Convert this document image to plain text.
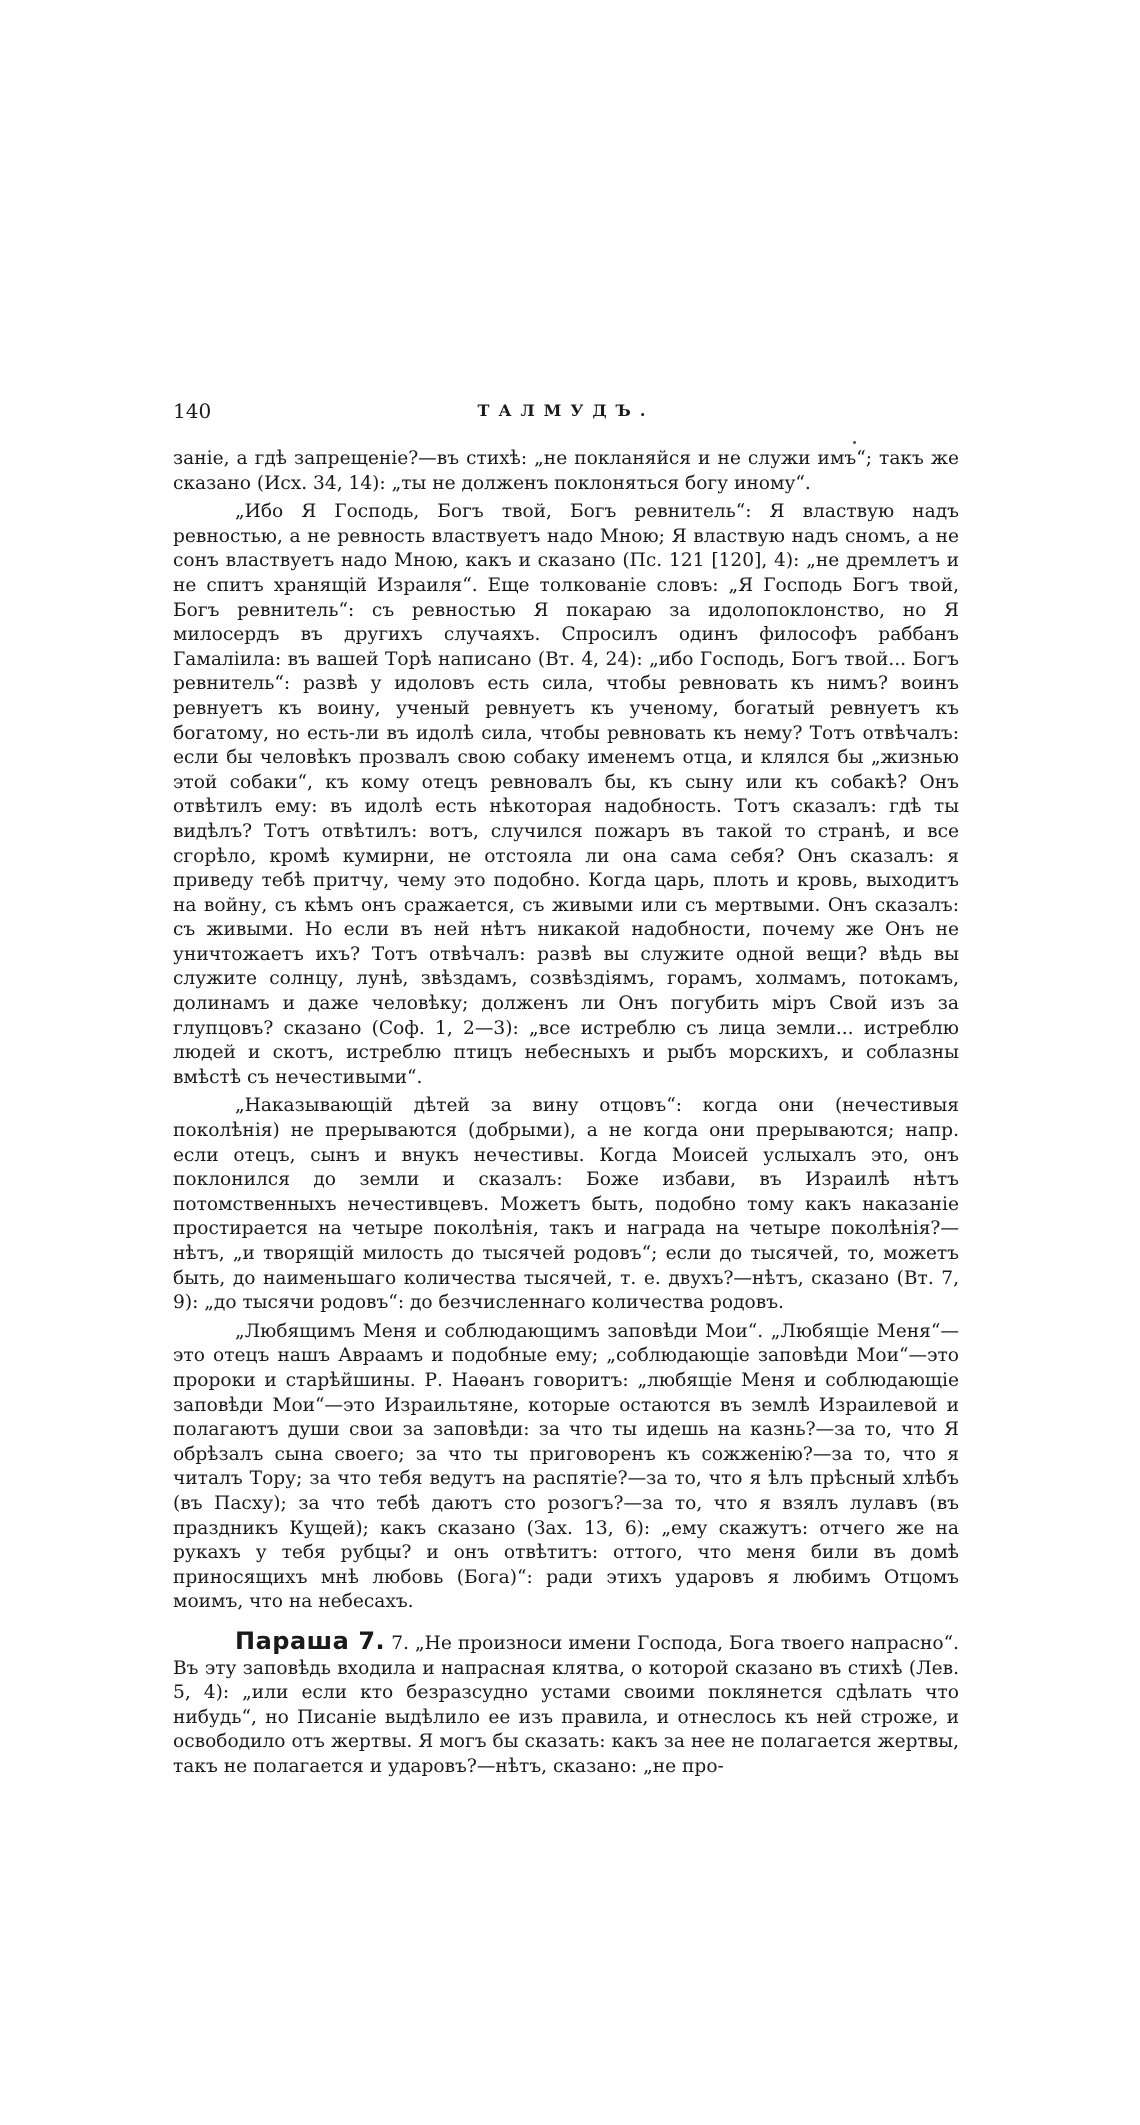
140	ТАЛМУДЪ.

заніе, а гдѣ запрещеніе?—въ стихѣ: „не покланяйся и не служи имъ“; такъ же сказано (Исх. 34, 14): „ты не долженъ поклоняться богу иному“.

„Ибо Я Господь, Богъ твой, Богъ ревнитель“: Я властвую надъ ревностью, а не ревность властвуетъ надо Мною; Я властвую надъ сномъ, а не сонъ властвуетъ надо Мною, какъ и сказано (Пс. 121 [120], 4): „не дремлетъ и не спитъ хранящій Израиля“. Еще толкованіе словъ: „Я Господь Богъ твой, Богъ ревнитель“: съ ревностью Я покараю за идолопоклонство, но Я милосердъ въ другихъ случаяхъ. Спросилъ одинъ философъ раббанъ Гамаліила: въ вашей Торѣ написано (Вт. 4, 24): „ибо Господь, Богъ твой... Богъ ревнитель“: развѣ у идоловъ есть сила, чтобы ревновать къ нимъ? воинъ ревнуетъ къ воину, ученый ревнуетъ къ ученому, богатый ревнуетъ къ богатому, но есть-ли въ идолѣ сила, чтобы ревновать къ нему? Тотъ отвѣчалъ: если бы человѣкъ прозвалъ свою собаку именемъ отца, и клялся бы „жизнью этой собаки“, къ кому отецъ ревновалъ бы, къ сыну или къ собакѣ? Онъ отвѣтилъ ему: въ идолѣ есть нѣкоторая надобность. Тотъ сказалъ: гдѣ ты видѣлъ? Тотъ отвѣтилъ: вотъ, случился пожаръ въ такой то странѣ, и все сгорѣло, кромѣ кумирни, не отстояла ли она сама себя? Онъ сказалъ: я приведу тебѣ притчу, чему это подобно. Когда царь, плоть и кровь, выходитъ на войну, съ кѣмъ онъ сражается, съ живыми или съ мертвыми. Онъ сказалъ: съ живыми. Но если въ ней нѣтъ никакой надобности, почему же Онъ не уничтожаетъ ихъ? Тотъ отвѣчалъ: развѣ вы служите одной вещи? вѣдь вы служите солнцу, лунѣ, звѣздамъ, созвѣздіямъ, горамъ, холмамъ, потокамъ, долинамъ и даже человѣку; долженъ ли Онъ погубить міръ Свой изъ за глупцовъ? сказано (Соф. 1, 2—3): „все истреблю съ лица земли... истреблю людей и скотъ, истреблю птицъ небесныхъ и рыбъ морскихъ, и соблазны вмѣстѣ съ нечестивыми“.

„Наказывающій дѣтей за вину отцовъ“: когда они (нечестивыя поколѣнія) не прерываются (добрыми), а не когда они прерываются; напр. если отецъ, сынъ и внукъ нечестивы. Когда Моисей услыхалъ это, онъ поклонился до земли и сказалъ: Боже избави, въ Израилѣ нѣтъ потомственныхъ нечестивцевъ. Можетъ быть, подобно тому какъ наказаніе простирается на четыре поколѣнія, такъ и награда на четыре поколѣнія?—нѣтъ, „и творящій милость до тысячей родовъ“; если до тысячей, то, можетъ быть, до наименьшаго количества тысячей, т. е. двухъ?—нѣтъ, сказано (Вт. 7, 9): „до тысячи родовъ“: до безчисленнаго количества родовъ.

„Любящимъ Меня и соблюдающимъ заповѣди Мои“. „Любящіе Меня“—это отецъ нашъ Авраамъ и подобные ему; „соблюдающіе заповѣди Мои“—это пророки и старѣйшины. Р. Наѳанъ говоритъ: „любящіе Меня и соблюдающіе заповѣди Мои“—это Израильтяне, которые остаются въ землѣ Израилевой и полагаютъ души свои за заповѣди: за что ты идешь на казнь?—за то, что Я обрѣзалъ сына своего; за что ты приговоренъ къ сожженію?—за то, что я читалъ Тору; за что тебя ведутъ на распятіе?—за то, что я ѣлъ прѣсный хлѣбъ (въ Пасху); за что тебѣ даютъ сто розогъ?—за то, что я взялъ лулавъ (въ праздникъ Кущей); какъ сказано (Зах. 13, 6): „ему скажутъ: отчего же на рукахъ у тебя рубцы? и онъ отвѣтитъ: оттого, что меня били въ домѣ приносящихъ мнѣ любовь (Бога)“: ради этихъ ударовъ я любимъ Отцомъ моимъ, что на небесахъ.

Параша 7. 7. „Не произноси имени Господа, Бога твоего напрасно“. Въ эту заповѣдь входила и напрасная клятва, о которой сказано въ стихѣ (Лев. 5, 4): „или если кто безразсудно устами своими поклянется сдѣлать что нибудь“, но Писаніе выдѣлило ее изъ правила, и отнеслось къ ней строже, и освободило отъ жертвы. Я могъ бы сказать: какъ за нее не полагается жертвы, такъ не полагается и ударовъ?—нѣтъ, сказано: „не про-
